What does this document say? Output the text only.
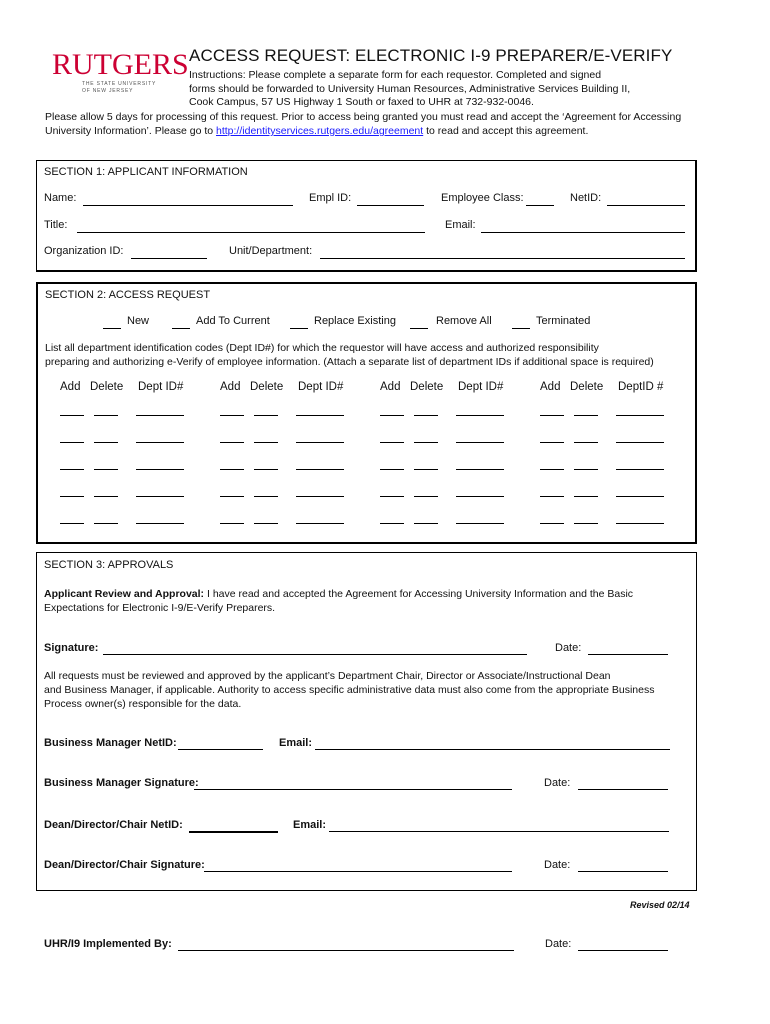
RUTGERS
THE STATE UNIVERSITY
OF NEW JERSEY
ACCESS REQUEST: ELECTRONIC I-9 PREPARER/E-VERIFY
Instructions: Please complete a separate form for each requestor. Completed and signed
forms should be forwarded to University Human Resources, Administrative Services Building II,
Cook Campus, 57 US Highway 1 South or faxed to UHR at 732-932-0046.
Please allow 5 days for processing of this request. Prior to access being granted you must read and accept the ‘Agreement for Accessing
University Information’. Please go to http://identityservices.rutgers.edu/agreement to read and accept this agreement.
SECTION 1: APPLICANT INFORMATION
Name:	Empl ID:	Employee Class:	NetID:
Title:	Email:
Organization ID:	Unit/Department:
SECTION 2: ACCESS REQUEST
New	Add To Current	Replace Existing	Remove All	Terminated
List all department identification codes (Dept ID#) for which the requestor will have access and authorized responsibility
preparing and authorizing e-Verify of employee information. (Attach a separate list of department IDs if additional space is required)
Add Delete Dept ID#	Add Delete Dept ID#	Add Delete Dept ID#	Add Delete DeptID #
SECTION 3: APPROVALS
Applicant Review and Approval: I have read and accepted the Agreement for Accessing University Information and the Basic
Expectations for Electronic I-9/E-Verify Preparers.
Signature:	Date:
All requests must be reviewed and approved by the applicant’s Department Chair, Director or Associate/Instructional Dean
and Business Manager, if applicable. Authority to access specific administrative data must also come from the appropriate Business
Process owner(s) responsible for the data.
Business Manager NetID:	Email:
Business Manager Signature:	Date:
Dean/Director/Chair NetID:	Email:
Dean/Director/Chair Signature:	Date:
Revised 02/14
UHR/I9 Implemented By:	Date:
